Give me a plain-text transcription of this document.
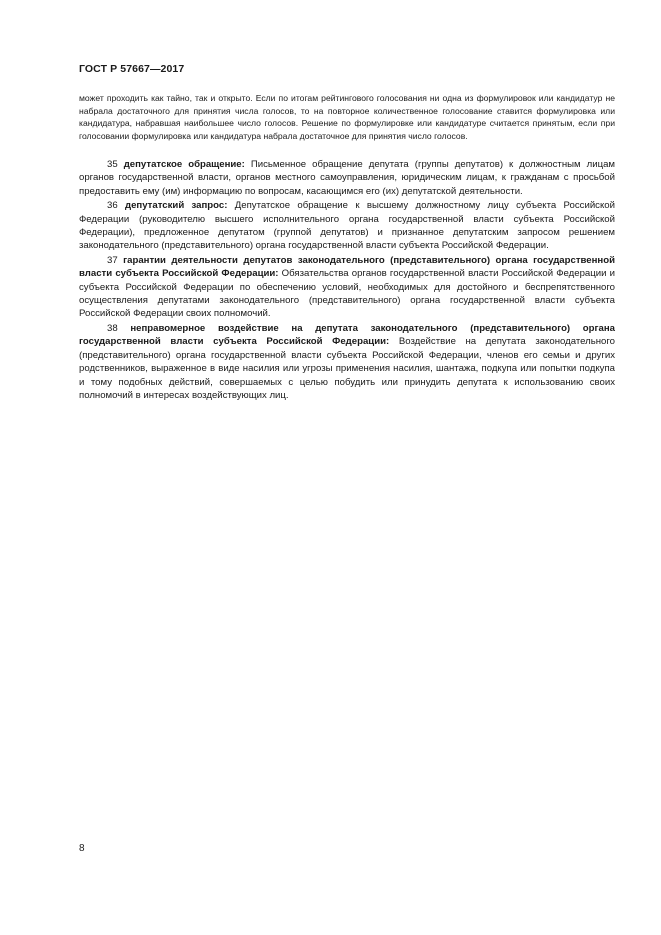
ГОСТ Р 57667—2017
может проходить как тайно, так и открыто. Если по итогам рейтингового голосования ни одна из формулировок или кандидатур не набрала достаточного для принятия числа голосов, то на повторное количественное голосование ставится формулировка или кандидатура, набравшая наибольшее число голосов. Решение по формулировке или кандидатуре считается принятым, если при голосовании формулировка или кандидатура набрала достаточное для принятия число голосов.

35 депутатское обращение: Письменное обращение депутата (группы депутатов) к должностным лицам органов государственной власти, органов местного самоуправления, юридическим лицам, к гражданам с просьбой предоставить ему (им) информацию по вопросам, касающимся его (их) депутатской деятельности.

36 депутатский запрос: Депутатское обращение к высшему должностному лицу субъекта Российской Федерации (руководителю высшего исполнительного органа государственной власти субъекта Российской Федерации), предложенное депутатом (группой депутатов) и признанное депутатским запросом решением законодательного (представительного) органа государственной власти субъекта Российской Федерации.

37 гарантии деятельности депутатов законодательного (представительного) органа государственной власти субъекта Российской Федерации: Обязательства органов государственной власти Российской Федерации и субъекта Российской Федерации по обеспечению условий, необходимых для достойного и беспрепятственного осуществления депутатами законодательного (представительного) органа государственной власти субъекта Российской Федерации своих полномочий.

38 неправомерное воздействие на депутата законодательного (представительного) органа государственной власти субъекта Российской Федерации: Воздействие на депутата законодательного (представительного) органа государственной власти субъекта Российской Федерации, членов его семьи и других родственников, выраженное в виде насилия или угрозы применения насилия, шантажа, подкупа или попытки подкупа и тому подобных действий, совершаемых с целью побудить или принудить депутата к использованию своих полномочий в интересах воздействующих лиц.

8
